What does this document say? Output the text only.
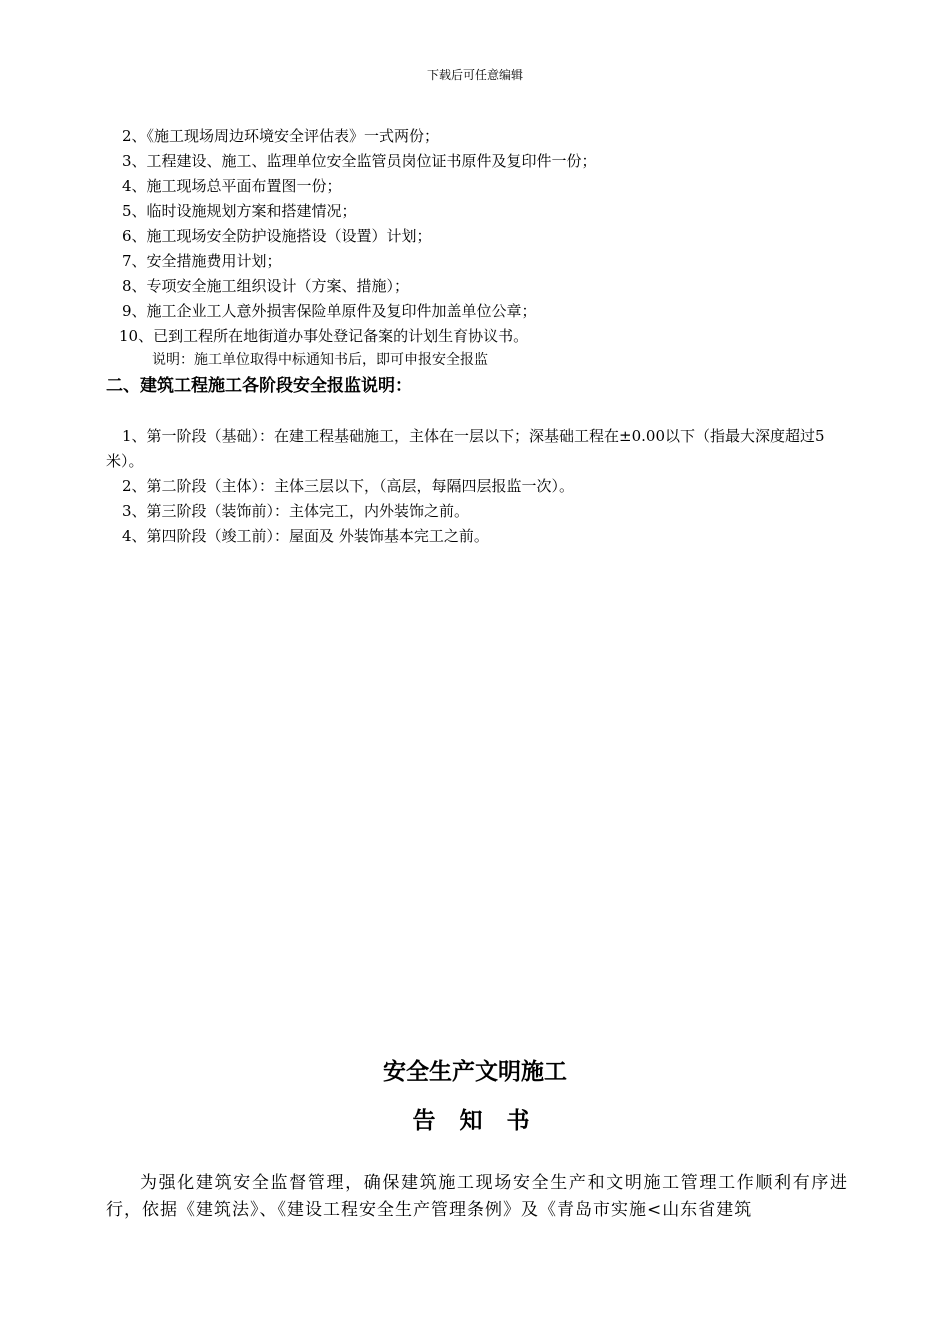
下载后可任意编辑
2、《施工现场周边环境安全评估表》一式两份；
3、工程建设、施工、监理单位安全监管员岗位证书原件及复印件一份；
4、施工现场总平面布置图一份；
5、临时设施规划方案和搭建情况；
6、施工现场安全防护设施搭设（设置）计划；
7、安全措施费用计划；
8、专项安全施工组织设计（方案、措施）；
9、施工企业工人意外损害保险单原件及复印件加盖单位公章；
10、已到工程所在地街道办事处登记备案的计划生育协议书。
说明：施工单位取得中标通知书后，即可申报安全报监
二、建筑工程施工各阶段安全报监说明：
1、第一阶段（基础）：在建工程基础施工，主体在一层以下；深基础工程在±0.00以下（指最大深度超过5米）。
2、第二阶段（主体）：主体三层以下，（高层，每隔四层报监一次）。
3、第三阶段（装饰前）：主体完工，内外装饰之前。
4、第四阶段（竣工前）：屋面及 外装饰基本完工之前。
安全生产文明施工
告 知 书
为强化建筑安全监督管理，确保建筑施工现场安全生产和文明施工管理工作顺利有序进行，依据《建筑法》、《建设工程安全生产管理条例》及《青岛市实施<山东省建筑
